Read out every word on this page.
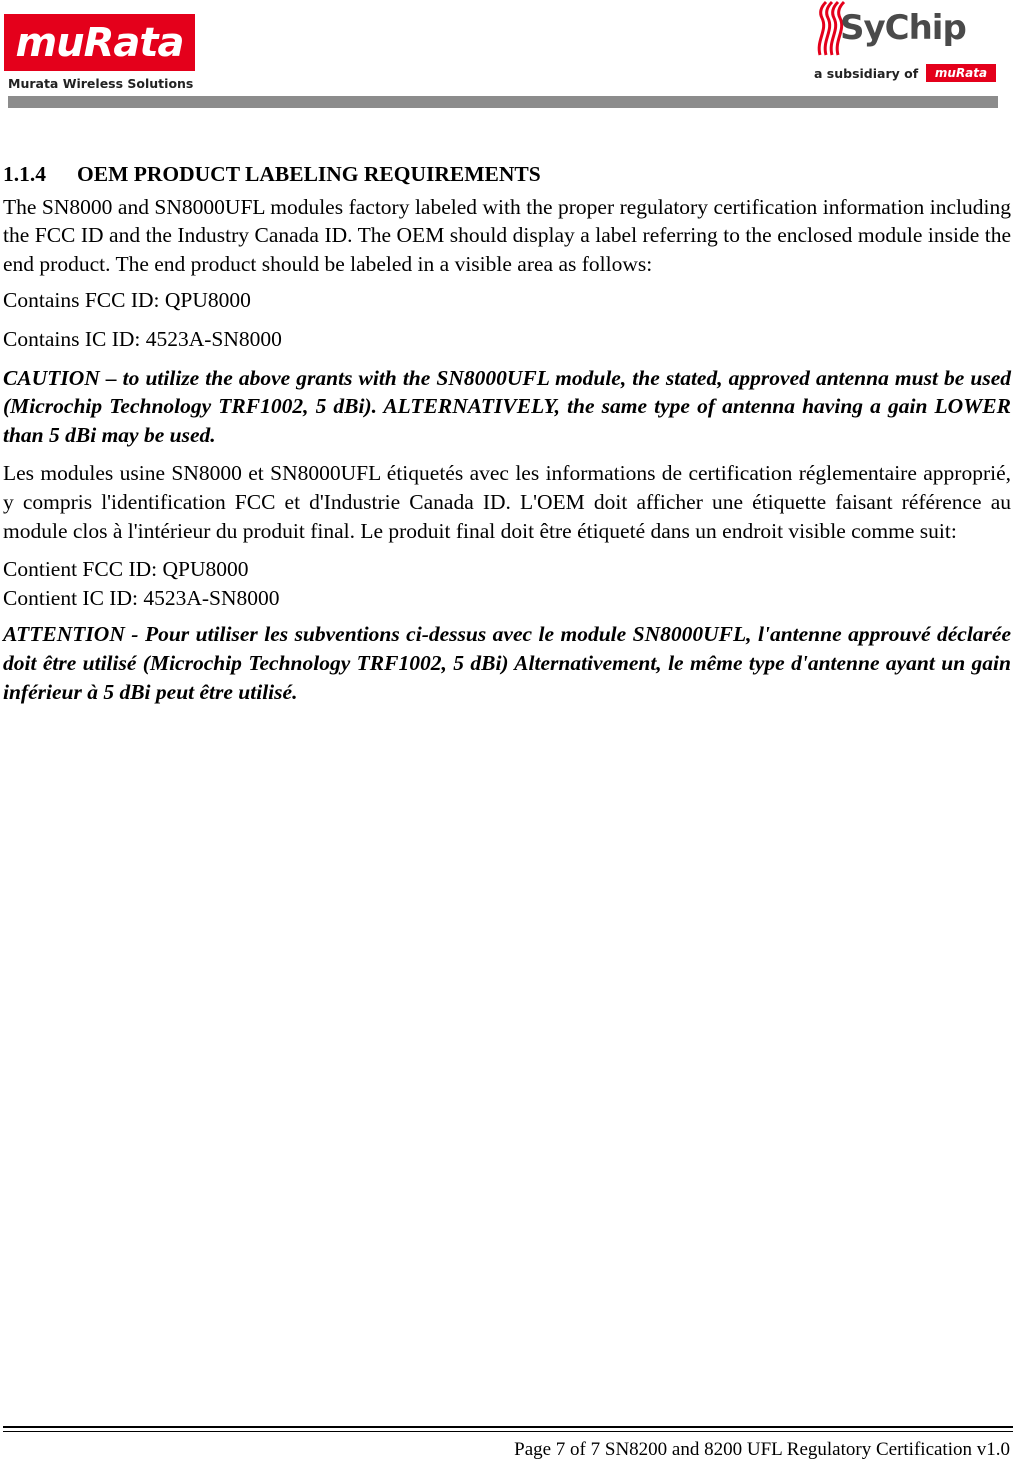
muRata
Murata Wireless Solutions
SyChip
a subsidiary of	muRata
1.1.4 OEM PRODUCT LABELING REQUIREMENTS

The SN8000 and SN8000UFL modules factory labeled with the proper regulatory certification information including the FCC ID and the Industry Canada ID. The OEM should display a label referring to the enclosed module inside the end product. The end product should be labeled in a visible area as follows:

Contains FCC ID: QPU8000

Contains IC ID: 4523A-SN8000

CAUTION – to utilize the above grants with the SN8000UFL module, the stated, approved antenna must be used (Microchip Technology TRF1002, 5 dBi). ALTERNATIVELY, the same type of antenna having a gain LOWER than 5 dBi may be used.

Les modules usine SN8000 et SN8000UFL étiquetés avec les informations de certification réglementaire approprié, y compris l'identification FCC et d'Industrie Canada ID. L'OEM doit afficher une étiquette faisant référence au module clos à l'intérieur du produit final. Le produit final doit être étiqueté dans un endroit visible comme suit:

Contient FCC ID: QPU8000

Contient IC ID: 4523A-SN8000

ATTENTION - Pour utiliser les subventions ci-dessus avec le module SN8000UFL, l'antenne approuvé déclarée doit être utilisé (Microchip Technology TRF1002, 5 dBi) Alternativement, le même type d'antenne ayant un gain inférieur à 5 dBi peut être utilisé.

Page 7 of 7 SN8200 and 8200 UFL Regulatory Certification v1.0
